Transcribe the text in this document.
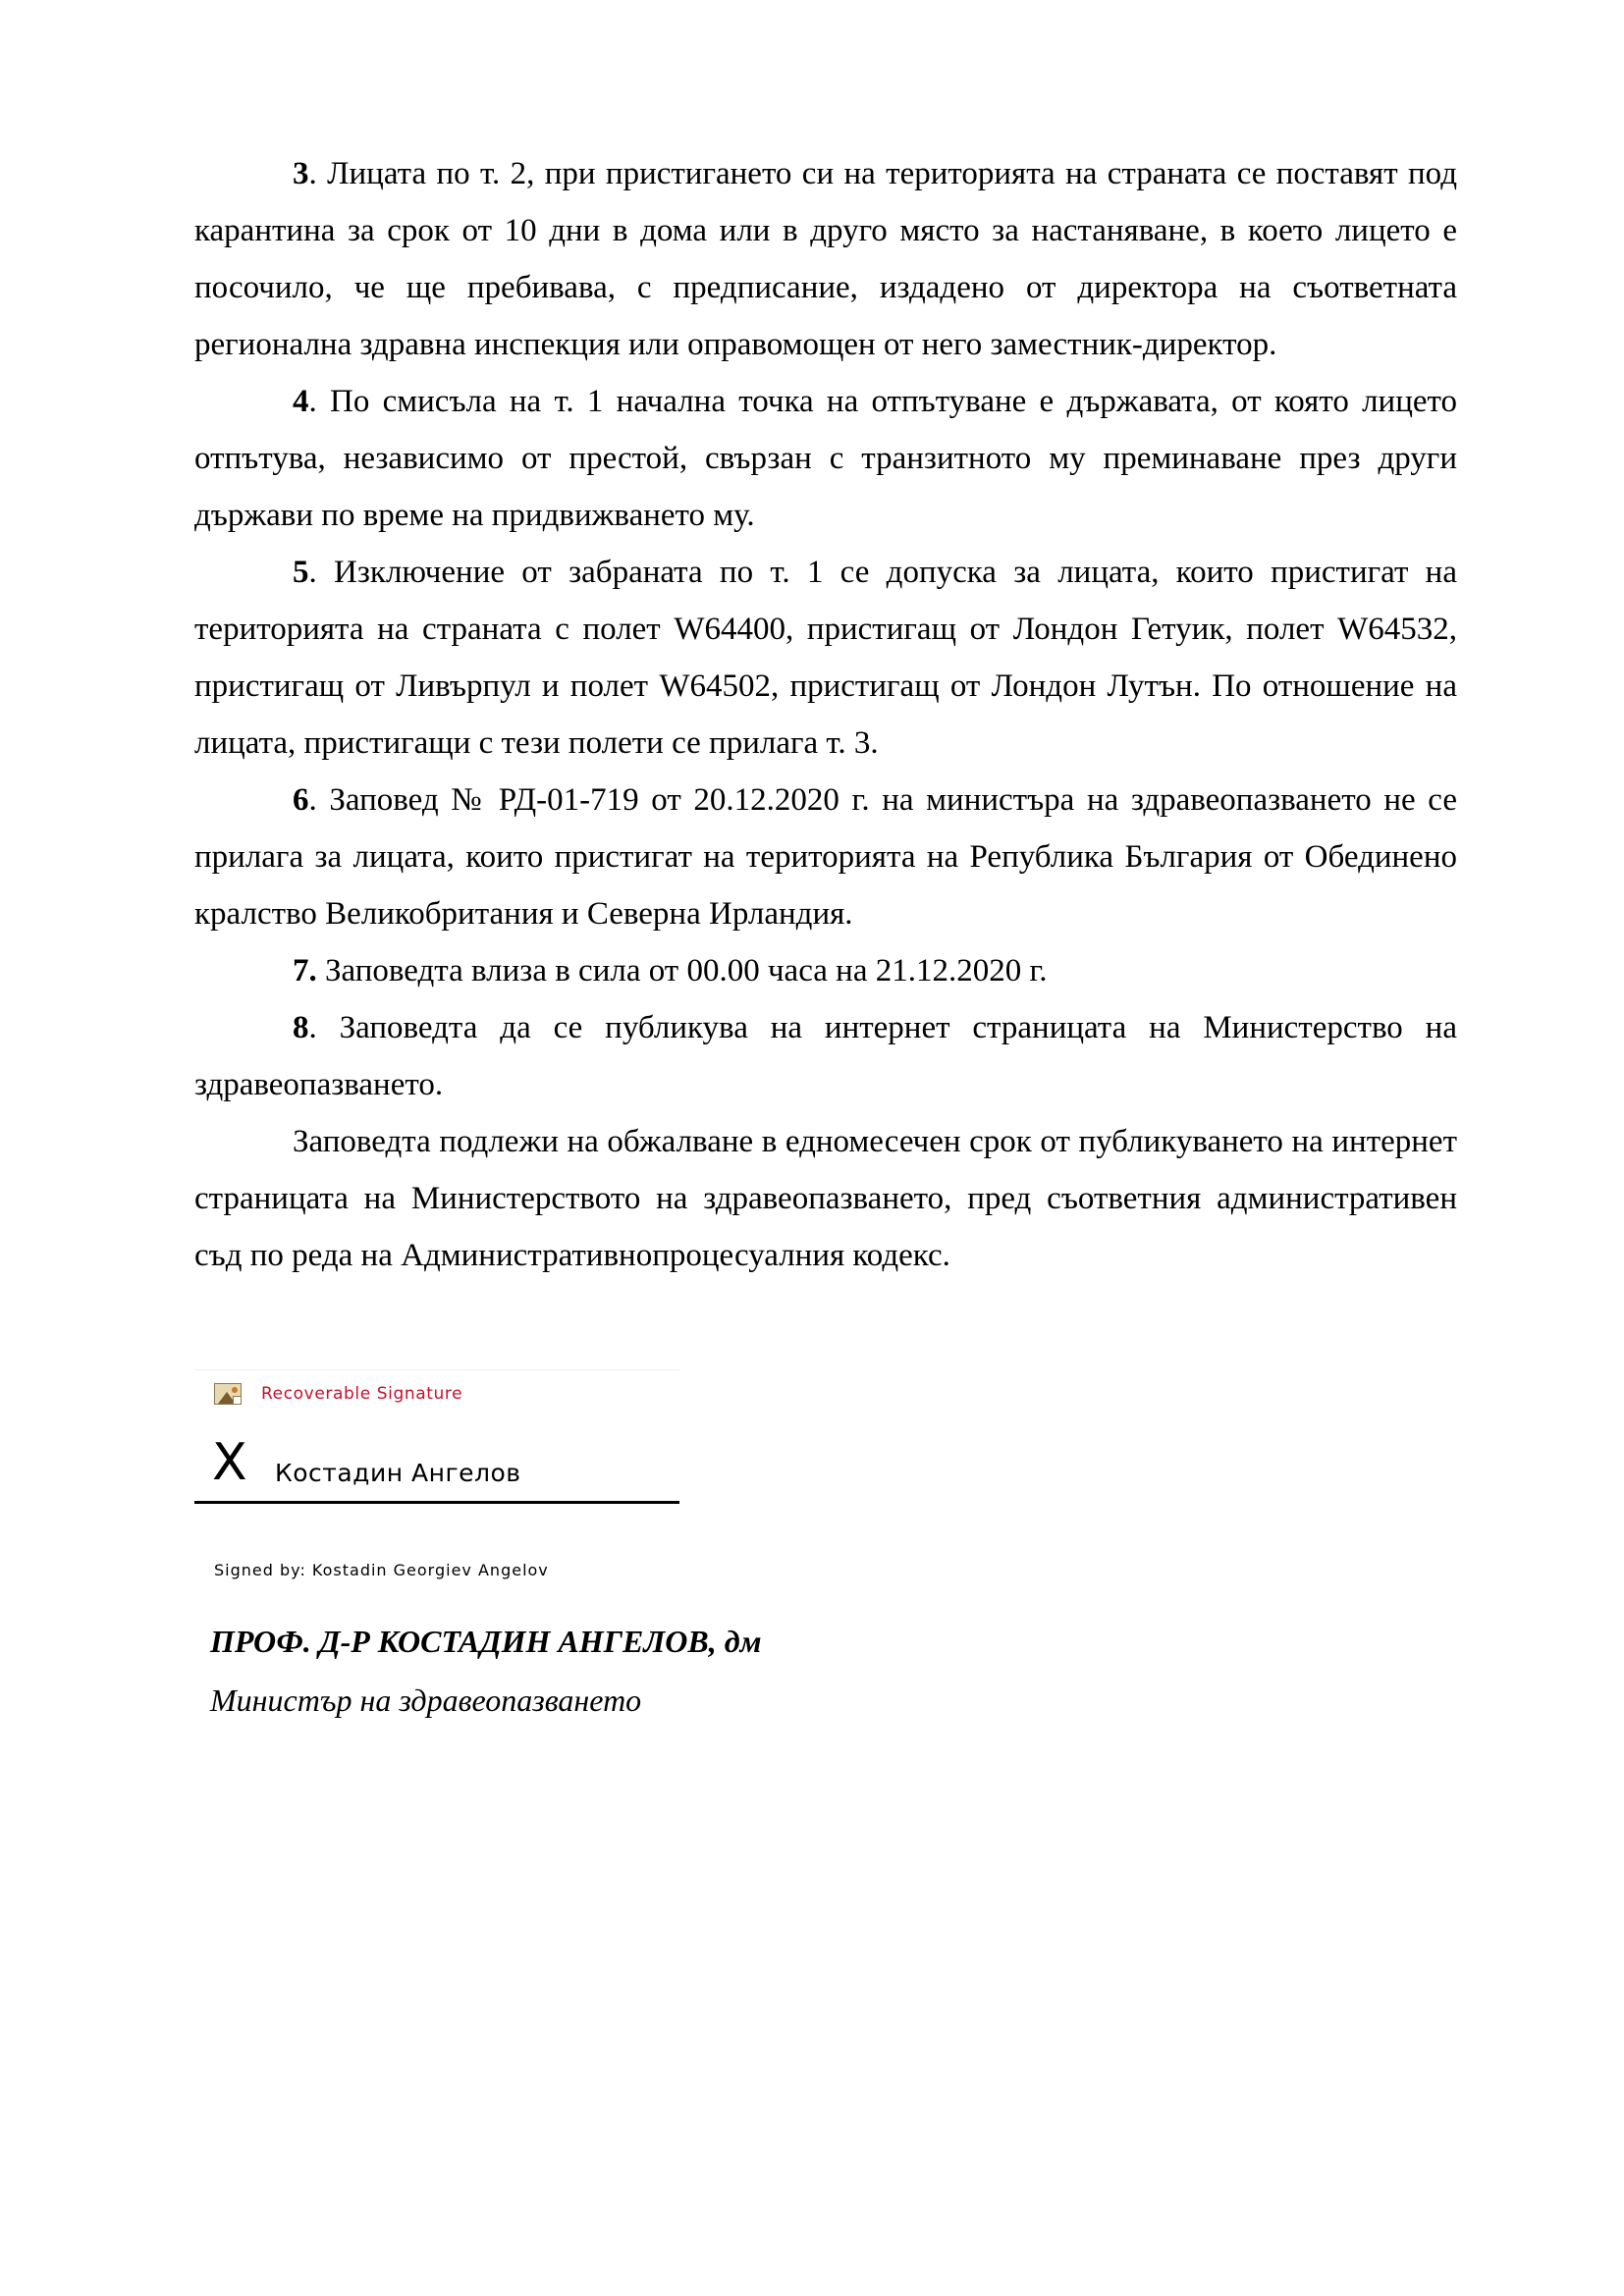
3. Лицата по т. 2, при пристигането си на територията на страната се поставят под карантина за срок от 10 дни в дома или в друго място за настаняване, в което лицето е посочило, че ще пребивава, с предписание, издадено от директора на съответната регионална здравна инспекция или оправомощен от него заместник-директор.

4. По смисъла на т. 1 начална точка на отпътуване е държавата, от която лицето отпътува, независимо от престой, свързан с транзитното му преминаване през други държави по време на придвижването му.

5. Изключение от забраната по т. 1 се допуска за лицата, които пристигат на територията на страната с полет W64400, пристигащ от Лондон Гетуик, полет W64532, пристигащ от Ливърпул и полет W64502, пристигащ от Лондон Лутън. По отношение на лицата, пристигащи с тези полети се прилага т. 3.

6. Заповед № РД-01-719 от 20.12.2020 г. на министъра на здравеопазването не се прилага за лицата, които пристигат на територията на Република България от Обединено кралство Великобритания и Северна Ирландия.

7. Заповедта влиза в сила от 00.00 часа на 21.12.2020 г.

8. Заповедта да се публикува на интернет страницата на Министерство на здравеопазването.

Заповедта подлежи на обжалване в едномесечен срок от публикуването на интернет страницата на Министерството на здравеопазването, пред съответния административен съд по реда на Административнопроцесуалния кодекс.

Recoverable Signature
X Костадин Ангелов
Signed by: Kostadin Georgiev Angelov
ПРОФ. Д-Р КОСТАДИН АНГЕЛОВ, дм
Министър на здравеопазването
